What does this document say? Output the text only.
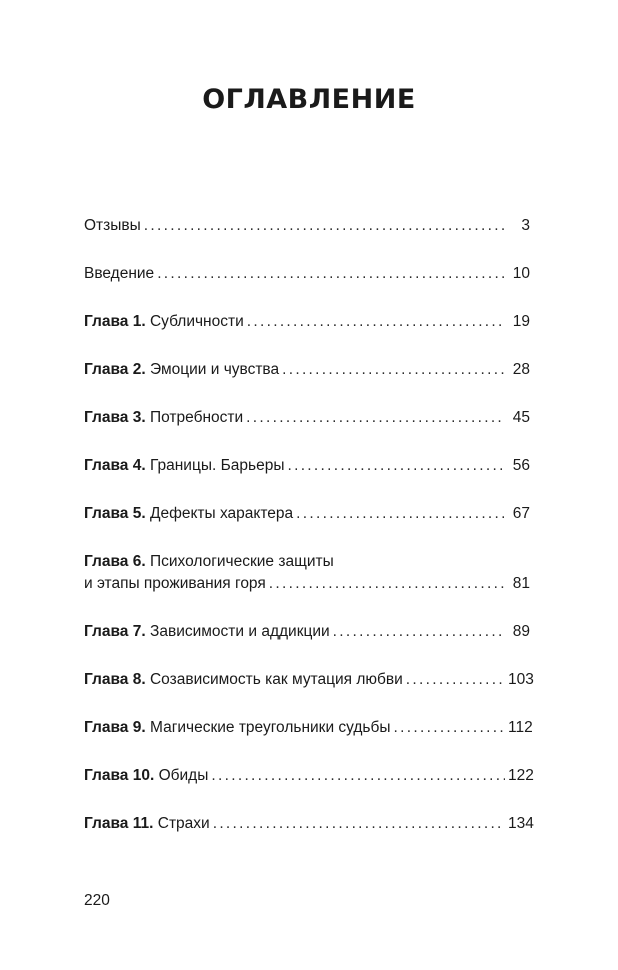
ОГЛАВЛЕНИЕ
Отзывы . . .	3
Введение . . .	10
Глава 1. Субличности . . .	19
Глава 2. Эмоции и чувства . . .	28
Глава 3. Потребности . . .	45
Глава 4. Границы. Барьеры . . .	56
Глава 5. Дефекты характера . . .	67
Глава 6. Психологические защиты
и этапы проживания горя . . .	81
Глава 7. Зависимости и аддикции . . .	89
Глава 8. Созависимость как мутация любви . . .	103
Глава 9. Магические треугольники судьбы . . .	112
Глава 10. Обиды . . .	122
Глава 11. Страхи . . .	134
220
